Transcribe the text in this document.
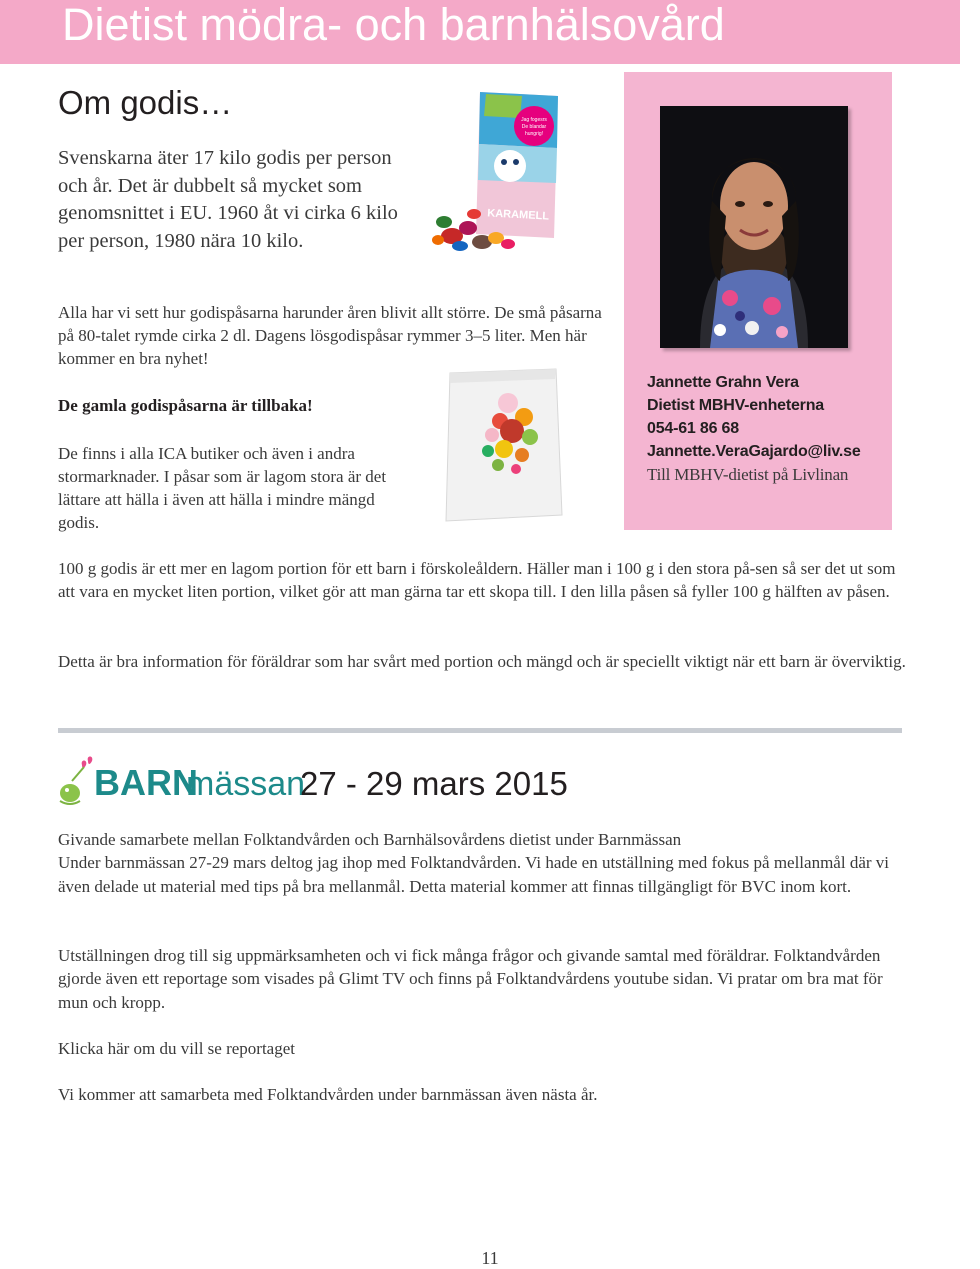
Dietist mödra- och barnhälsovård
Om godis…
Svenskarna äter 17 kilo godis per person och år. Det är dubbelt så mycket som genomsnittet i EU. 1960 åt vi cirka 6 kilo per person, 1980 nära 10 kilo.
Jag fogesrs
De blandar
hungrig!
KARAMELL
Alla har vi sett hur godispåsarna harunder åren blivit allt större. De små påsarna på 80-talet rymde cirka 2 dl. Dagens lösgodispåsar rymmer 3–5 liter. Men här kommer en bra nyhet!
De gamla godispåsarna är tillbaka!
De finns i alla ICA butiker och även i andra stormarknader. I påsar som är lagom stora är det lättare att hälla i även att hälla i mindre mängd godis.
Jannette Grahn Vera
Dietist MBHV-enheterna
054-61 86 68
Jannette.VeraGajardo@liv.se
Till MBHV-dietist på Livlinan
100 g godis är ett mer en lagom portion för ett barn i förskoleåldern. Häller man i 100 g i den stora på-sen så ser det ut som att vara en mycket liten portion, vilket gör att man gärna tar ett skopa till. I den lilla påsen så fyller 100 g hälften av påsen.
Detta är bra information för föräldrar som har svårt med portion och mängd och är speciellt viktigt när ett barn är överviktig.
BARN
mässan
27 - 29 mars 2015
Givande samarbete mellan Folktandvården och Barnhälsovårdens dietist under Barnmässan
Under barnmässan 27-29 mars deltog jag ihop med Folktandvården. Vi hade en utställning med fokus på mellanmål där vi även delade ut material med tips på bra mellanmål. Detta material kommer att finnas tillgängligt för BVC inom kort.
Utställningen drog till sig uppmärksamheten och vi fick många frågor och givande samtal med föräldrar. Folktandvården gjorde även ett reportage som visades på Glimt TV och finns på Folktandvårdens youtube sidan. Vi pratar om bra mat för mun och kropp.
Klicka här om du vill se reportaget
Vi kommer att samarbeta med Folktandvården under barnmässan även nästa år.
11
